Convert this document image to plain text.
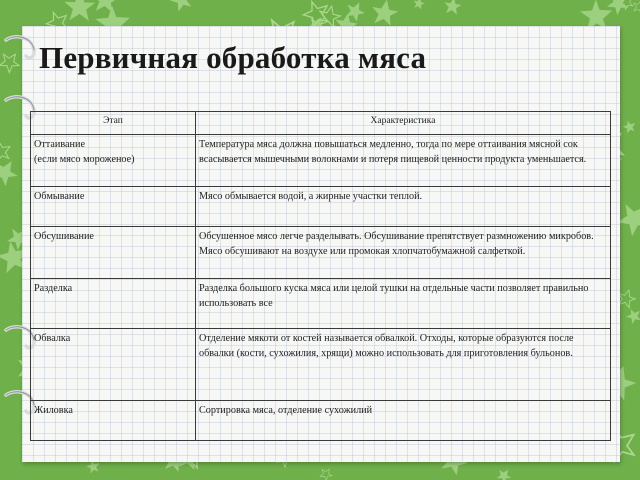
Первичная обработка мяса
Этап	Характеристика

Оттаивание
(если мясо мороженое)	Температура мяса должна повышаться медленно, тогда по мере оттаивания мясной сок всасывается мышечными волокнами и потеря пищевой ценности продукта уменьшается.

Обмывание	Мясо обмывается водой, а жирные участки теплой.

Обсушивание	Обсушенное мясо легче разделывать. Обсушивание препятствует размножению микробов. Мясо обсушивают на воздухе или промокая хлопчатобумажной салфеткой.

Разделка	Разделка большого куска мяса или целой тушки на отдельные части позволяет правильно использовать все

Обвалка	Отделение мякоти от костей называется обвалкой. Отходы, которые образуются после обвалки (кости, сухожилия, хрящи) можно использовать для приготовления бульонов.

Жиловка	Сортировка мяса, отделение сухожилий
